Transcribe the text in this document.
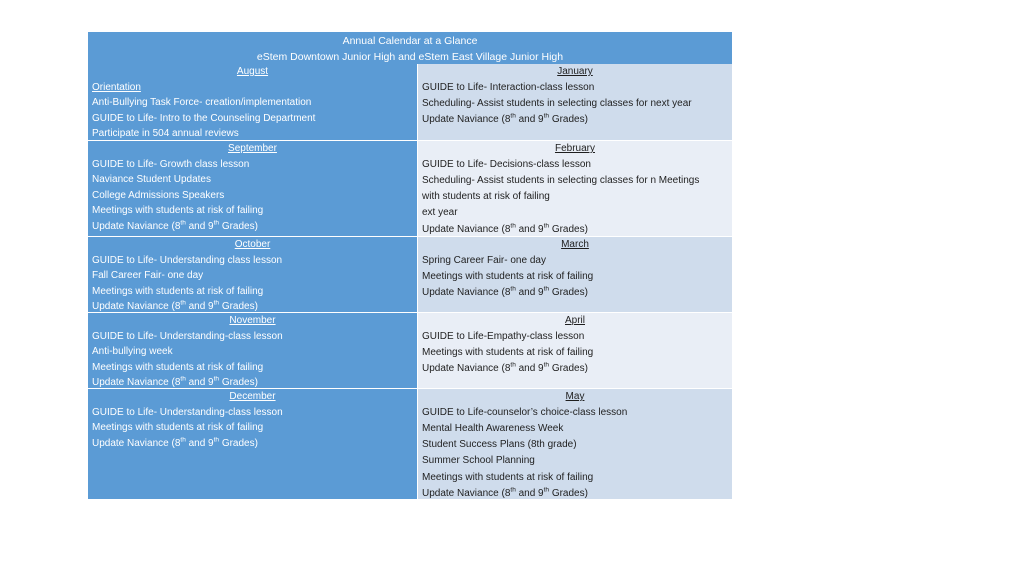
Annual Calendar at a Glance
eStem Downtown Junior High and eStem East Village Junior High
August
Orientation
Anti-Bullying Task Force- creation/implementation
GUIDE to Life- Intro to the Counseling Department
Participate in 504 annual reviews
January
GUIDE to Life- Interaction-class lesson
Scheduling- Assist students in selecting classes for next year
Update Naviance (8th and 9th Grades)
September
GUIDE to Life- Growth class lesson
Naviance Student Updates
College Admissions Speakers
Meetings with students at risk of failing
Update Naviance (8th and 9th Grades)
February
GUIDE to Life- Decisions-class lesson
Scheduling- Assist students in selecting classes for n Meetings
with students at risk of failing
ext year
Update Naviance (8th and 9th Grades)
October
GUIDE to Life- Understanding class lesson
Fall Career Fair- one day
Meetings with students at risk of failing
Update Naviance (8th and 9th Grades)
March
Spring Career Fair- one day
Meetings with students at risk of failing
Update Naviance (8th and 9th Grades)
November
GUIDE to Life- Understanding-class lesson
Anti-bullying week
Meetings with students at risk of failing
Update Naviance (8th and 9th Grades)
April
GUIDE to Life-Empathy-class lesson
Meetings with students at risk of failing
Update Naviance (8th and 9th Grades)
December
GUIDE to Life- Understanding-class lesson
Meetings with students at risk of failing
Update Naviance (8th and 9th Grades)
May
GUIDE to Life-counselor’s choice-class lesson
Mental Health Awareness Week
Student Success Plans (8th grade)
Summer School Planning
Meetings with students at risk of failing
Update Naviance (8th and 9th Grades)
